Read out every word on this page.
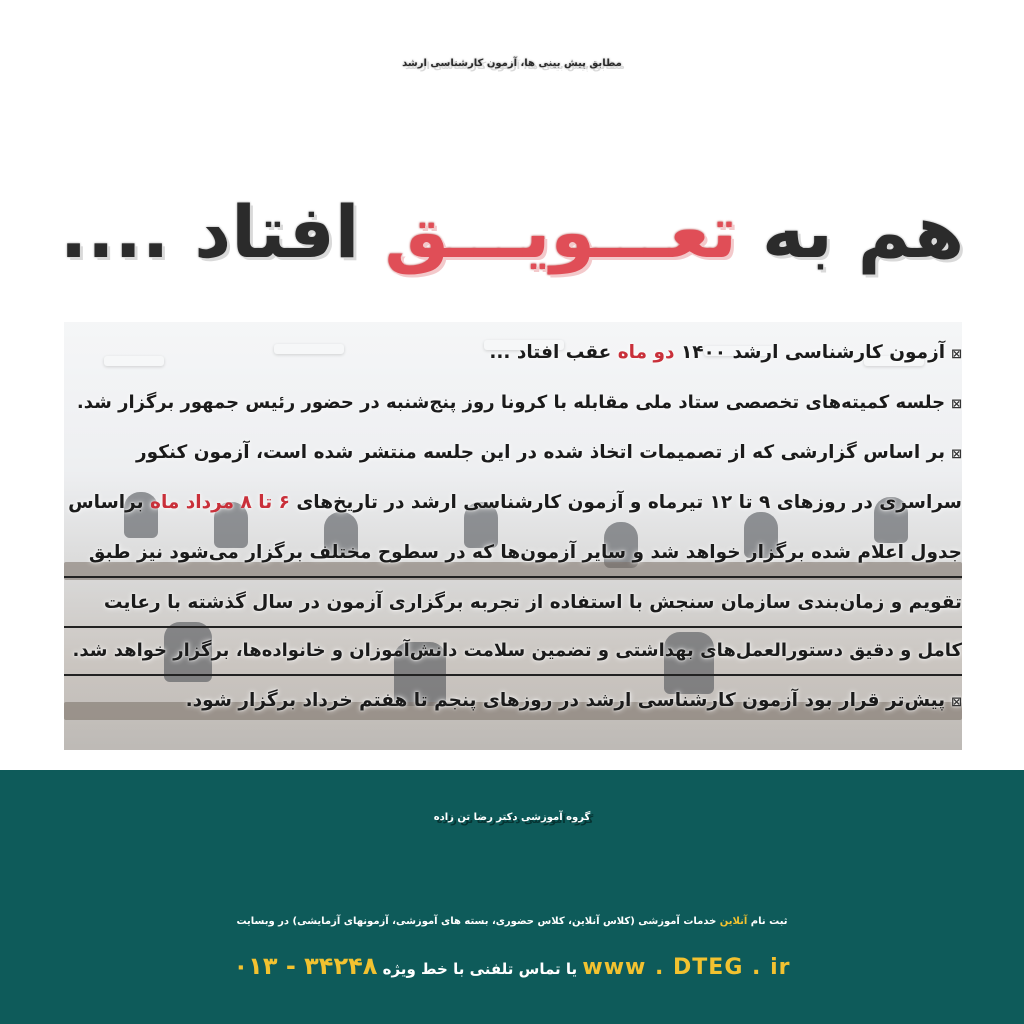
مطابق پیش بینی ها، آزمون کارشناسی ارشد
هم به تعـــویـــق افتاد ....
⊠آزمون کارشناسی ارشد ۱۴۰۰ دو ماه عقب افتاد ...
⊠جلسه کمیته‌های تخصصی ستاد ملی مقابله با کرونا روز پنج‌شنبه در حضور رئیس جمهور برگزار شد.
⊠بر اساس گزارشی که از تصمیمات اتخاذ شده در این جلسه منتشر شده است، آزمون کنکور
سراسری در روزهای ۹ تا ۱۲ تیرماه و آزمون کارشناسی ارشد در تاریخ‌های ۶ تا ۸ مرداد ماه براساس
جدول اعلام شده برگزار خواهد شد و سایر آزمون‌ها که در سطوح مختلف برگزار می‌شود نیز طبق
تقویم و زمان‌بندی سازمان سنجش با استفاده از تجربه برگزاری آزمون در سال گذشته با رعایت
کامل و دقیق دستورالعمل‌های بهداشتی و تضمین سلامت دانش‌آموزان و خانواده‌ها، برگزار خواهد شد.
⊠پیش‌تر قرار بود آزمون کارشناسی ارشد در روزهای پنجم تا هفتم خرداد برگزار شود.
گروه آموزشی دکتر رضا تن زاده
ثبت نام آنلاین خدمات آموزشی (کلاس آنلاین، کلاس حضوری، بسته های آموزشی، آزمونهای آزمایشی) در وبسایت
www . DTEG . ir یا تماس تلفنی با خط ویژه ۰۱۳ - ۳۴۲۴۸
